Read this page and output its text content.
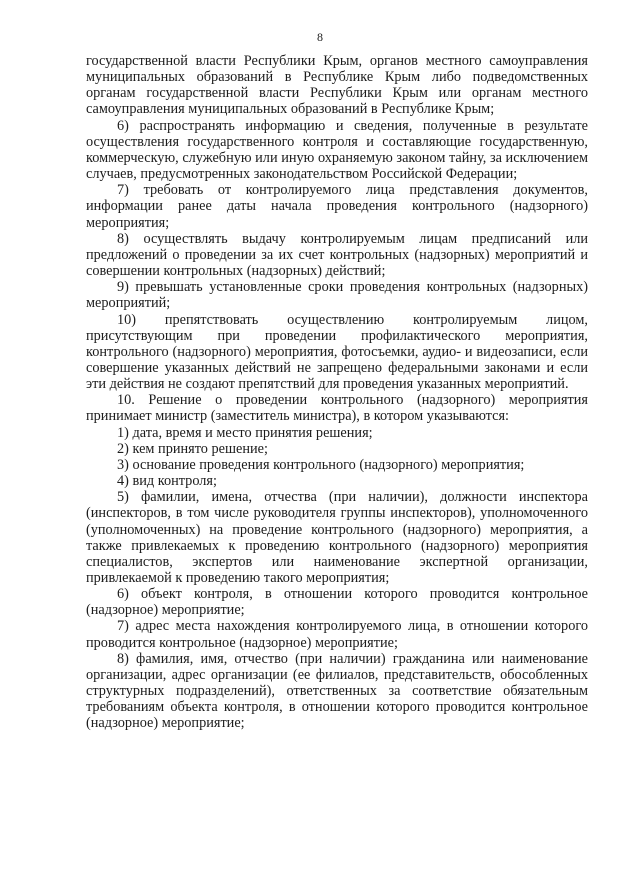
8

государственной власти Республики Крым, органов местного самоуправления муниципальных образований в Республике Крым либо подведомственных органам государственной власти Республики Крым или органам местного самоуправления муниципальных образований в Республике Крым;

6) распространять информацию и сведения, полученные в результате осуществления государственного контроля и составляющие государственную, коммерческую, служебную или иную охраняемую законом тайну, за исключением случаев, предусмотренных законодательством Российской Федерации;

7) требовать от контролируемого лица представления документов, информации ранее даты начала проведения контрольного (надзорного) мероприятия;

8) осуществлять выдачу контролируемым лицам предписаний или предложений о проведении за их счет контрольных (надзорных) мероприятий и совершении контрольных (надзорных) действий;

9) превышать установленные сроки проведения контрольных (надзорных) мероприятий;

10) препятствовать осуществлению контролируемым лицом, присутствующим при проведении профилактического мероприятия, контрольного (надзорного) мероприятия, фотосъемки, аудио- и видеозаписи, если совершение указанных действий не запрещено федеральными законами и если эти действия не создают препятствий для проведения указанных мероприятий.

10. Решение о проведении контрольного (надзорного) мероприятия принимает министр (заместитель министра), в котором указываются:

1) дата, время и место принятия решения;

2) кем принято решение;

3) основание проведения контрольного (надзорного) мероприятия;

4) вид контроля;

5) фамилии, имена, отчества (при наличии), должности инспектора (инспекторов, в том числе руководителя группы инспекторов), уполномоченного (уполномоченных) на проведение контрольного (надзорного) мероприятия, а также привлекаемых к проведению контрольного (надзорного) мероприятия специалистов, экспертов или наименование экспертной организации, привлекаемой к проведению такого мероприятия;

6) объект контроля, в отношении которого проводится контрольное (надзорное) мероприятие;

7) адрес места нахождения контролируемого лица, в отношении которого проводится контрольное (надзорное) мероприятие;

8) фамилия, имя, отчество (при наличии) гражданина или наименование организации, адрес организации (ее филиалов, представительств, обособленных структурных подразделений), ответственных за соответствие обязательным требованиям объекта контроля, в отношении которого проводится контрольное (надзорное) мероприятие;
